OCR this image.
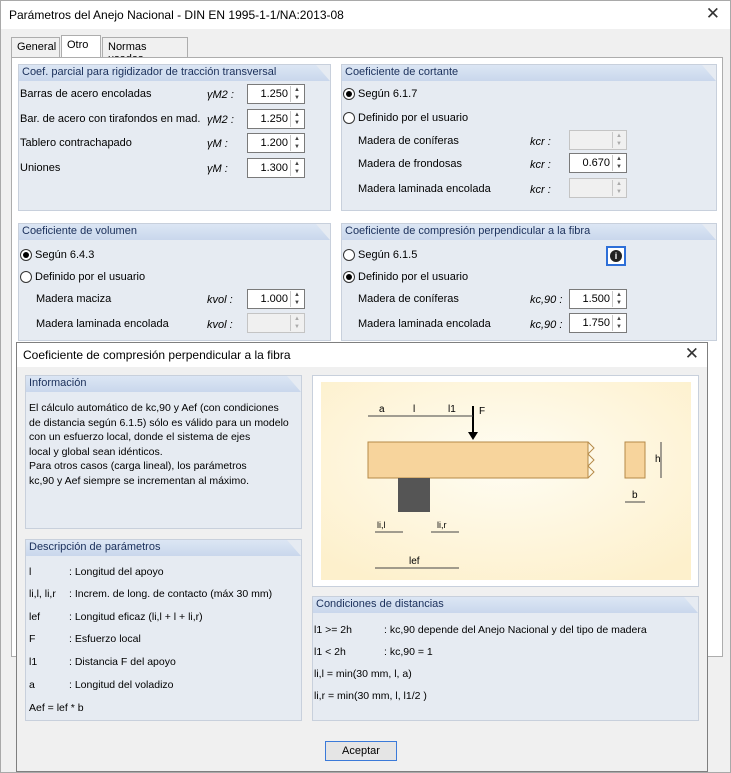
Parámetros del Anejo Nacional - DIN EN 1995-1-1/NA:2013-08	✕
General Otro	Normas
Coef. parcial para rigidizador de tracción transversal
Barras de acero encoladas	γM2 : 1.250	▲
▼
Bar. de acero con tirafondos en mad. γM2 : 1.250	▲
▼
Tablero contrachapado	γM :	1.200	▲
▼
Uniones	γM :	1.300	▲
▼
Coeficiente de cortante
Según 6.1.7
Definido por el usuario
Madera de coníferas	kcr :	▲
▼
Madera de frondosas	kcr :	0.670	▲
▼
Madera laminada encolada	kcr :	▲
▼
Coeficiente de volumen
Según 6.4.3
Definido por el usuario
Madera maciza	kvol :	1.000	▲
▼
Madera laminada encolada	kvol :	▲
▼
Coeficiente de compresión perpendicular a la fibra
Según 6.1.5	i
Definido por el usuario
Madera de coníferas	kc,90 : 1.500	▲
▼
Madera laminada encolada	kc,90 : 1.750	▲
▼
Coeficiente de compresión perpendicular a la fibra	✕
Información
El cálculo automático de kc,90 y Aef (con condiciones
de distancia según 6.1.5) sólo es válido para un modelo
con un esfuerzo local, donde el sistema de ejes
local y global sean idénticos.
Para otros casos (carga lineal), los parámetros
kc,90 y Aef siempre se incrementan al máximo.
Descripción de parámetros
l	: Longitud del apoyo
li,l, li,r : Increm. de long. de contacto (máx 30 mm)
lef	: Longitud eficaz (li,l + l + li,r)
F	: Esfuerzo local
l1	: Distancia F del apoyo
a	: Longitud del voladizo
Aef = lef * b
F
a	l	l1
li,l	li,r
lef
h
b
Condiciones de distancias
l1 >= 2h	: kc,90 depende del Anejo Nacional y del tipo de madera
l1 < 2h	: kc,90 = 1
li,l = min(30 mm, l, a)
li,r = min(30 mm, l, l1/2 )
Aceptar
